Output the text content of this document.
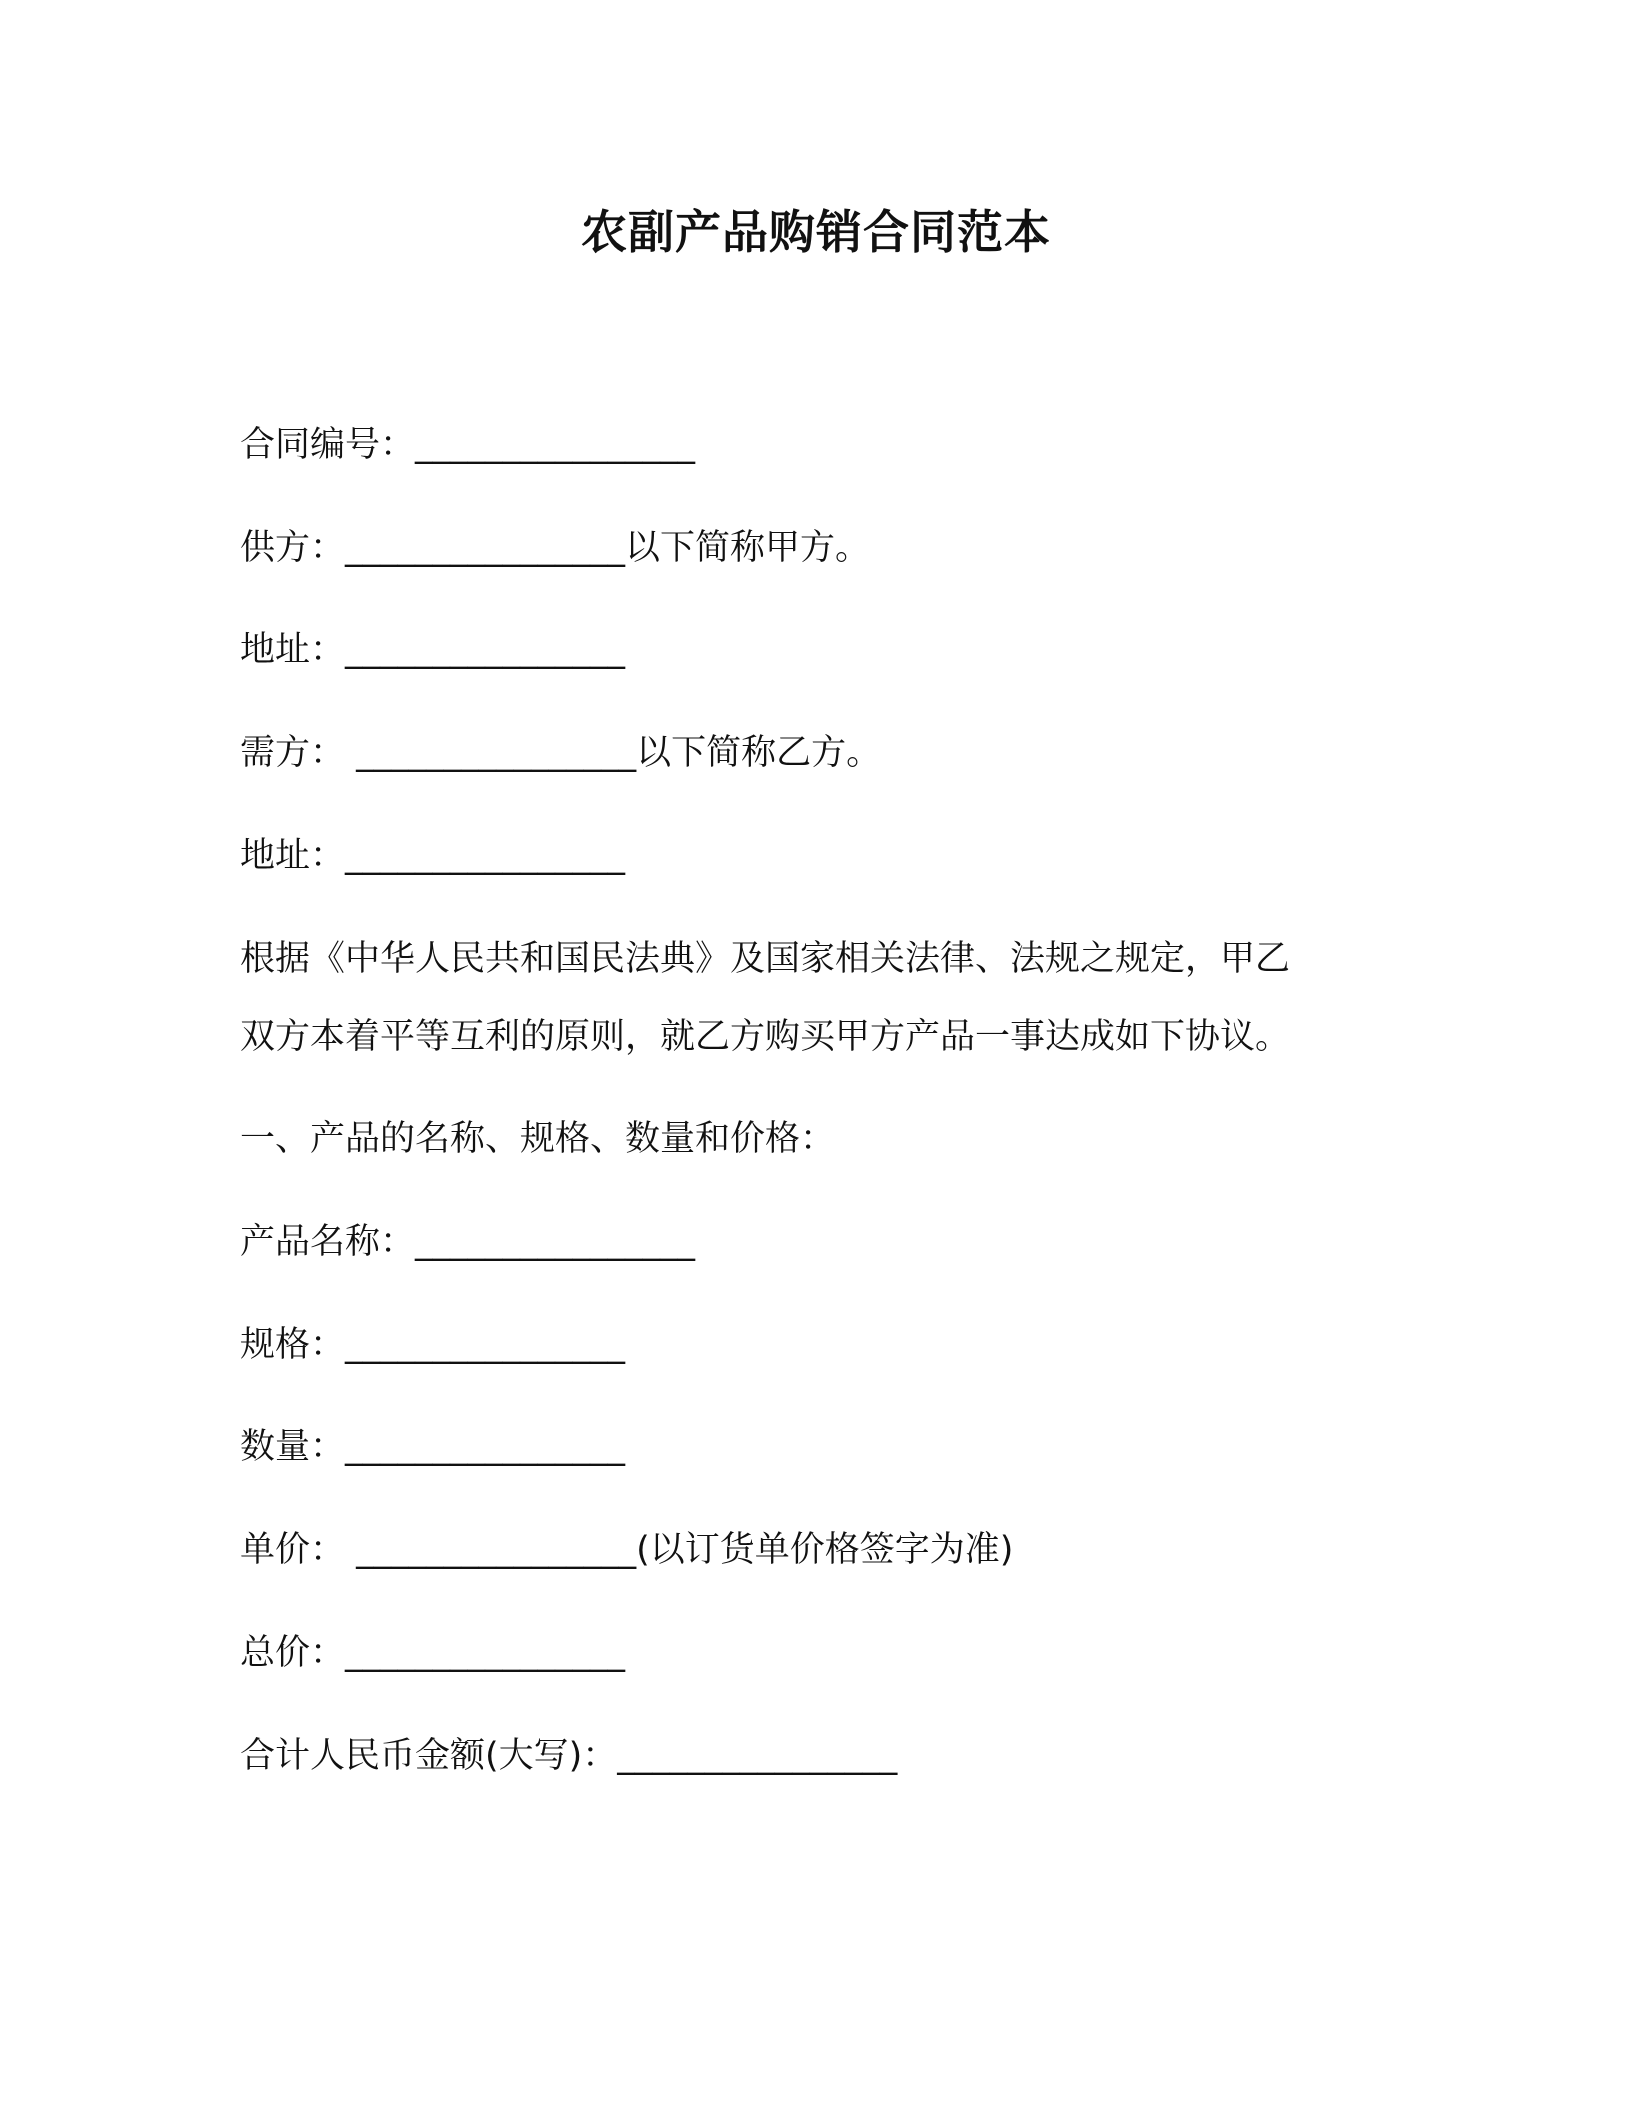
农副产品购销合同范本
合同编号：________________
供方：________________以下简称甲方。
地址：________________
需方： ________________以下简称乙方。
地址：________________
根据《中华人民共和国民法典》及国家相关法律、法规之规定，甲乙
双方本着平等互利的原则，就乙方购买甲方产品一事达成如下协议。
一、产品的名称、规格、数量和价格：
产品名称：________________
规格：________________
数量：________________
单价： ________________(以订货单价格签字为准)
总价：________________
合计人民币金额(大写)：________________
